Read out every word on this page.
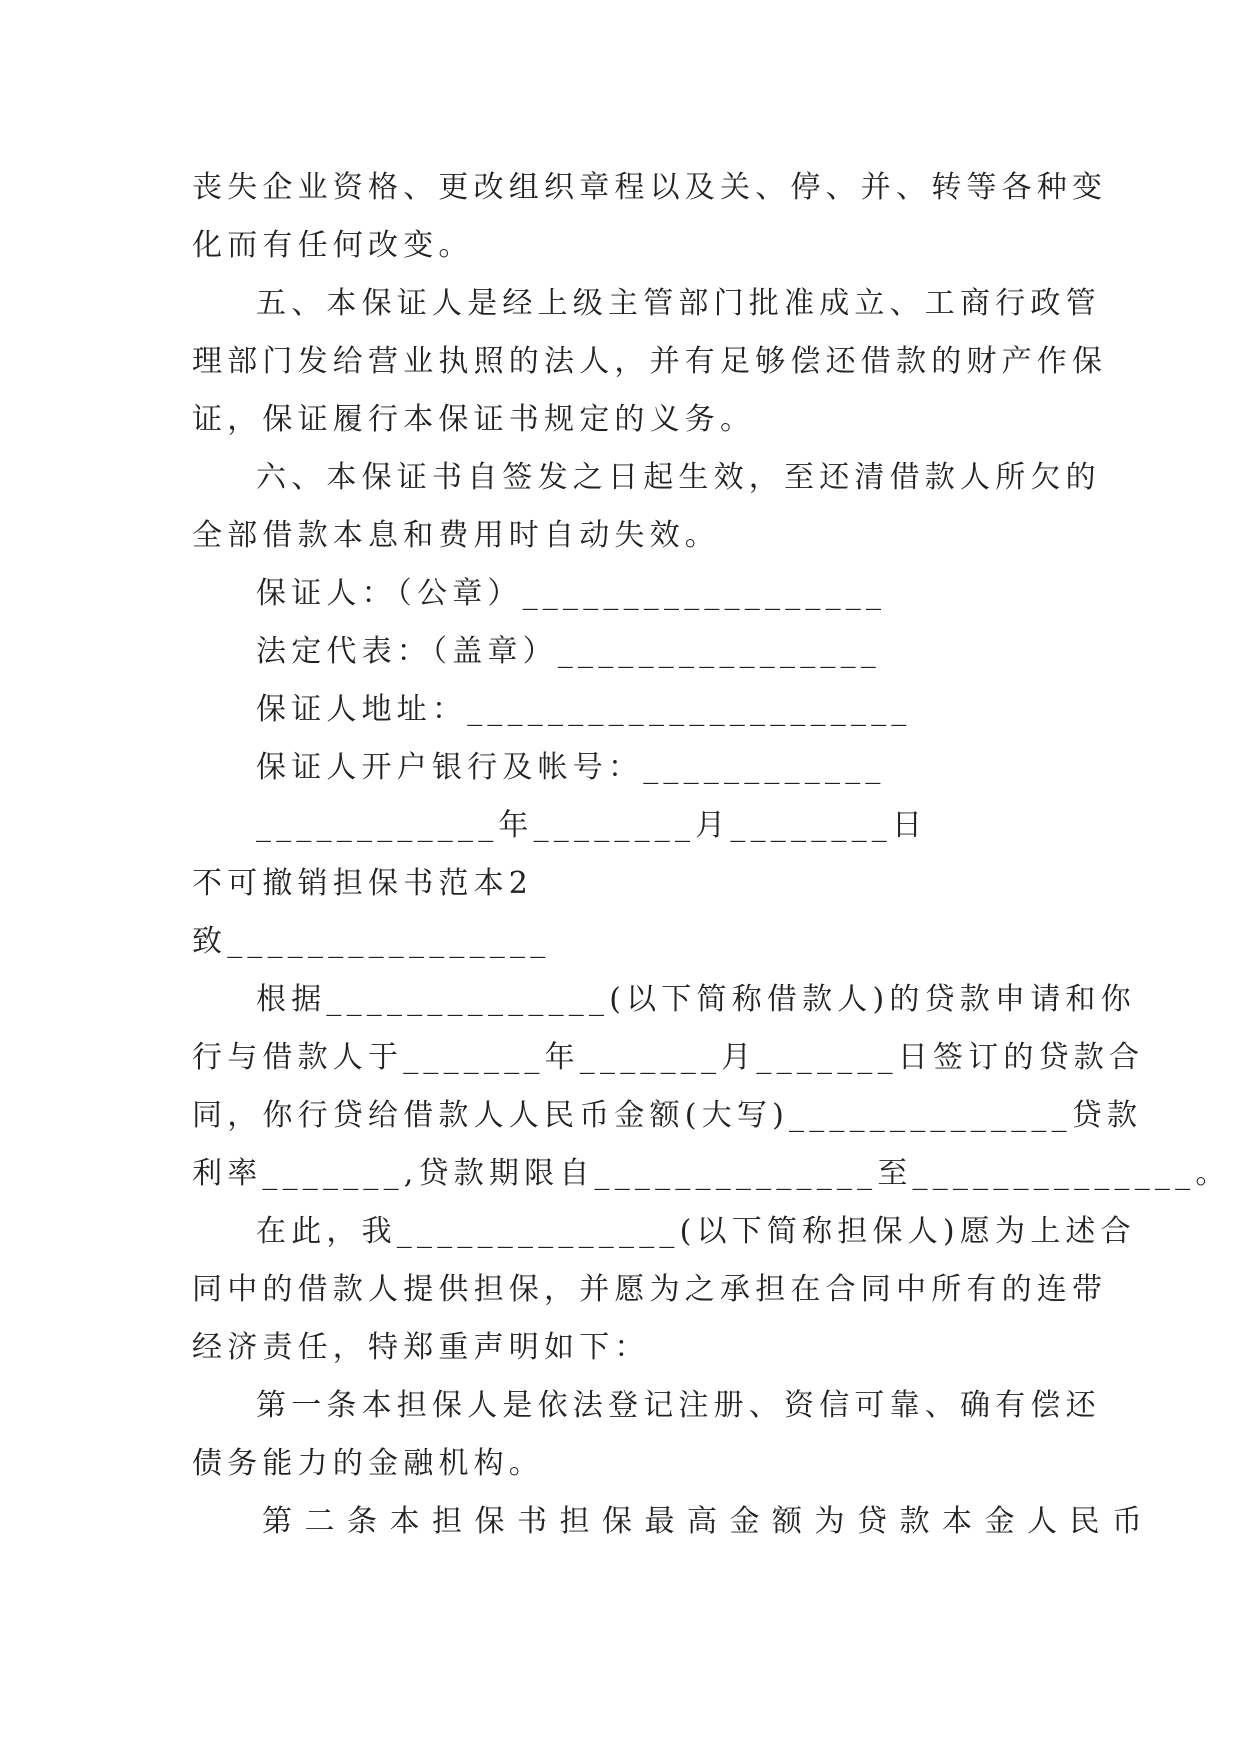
丧失企业资格、更改组织章程以及关、停、并、转等各种变
化而有任何改变。
五、本保证人是经上级主管部门批准成立、工商行政管
理部门发给营业执照的法人，并有足够偿还借款的财产作保
证，保证履行本保证书规定的义务。
六、本保证书自签发之日起生效，至还清借款人所欠的
全部借款本息和费用时自动失效。
保证人：（公章）__________________
法定代表：（盖章）________________
保证人地址：______________________
保证人开户银行及帐号：____________
____________年________月________日
不可撤销担保书范本2
致________________
根据______________(以下简称借款人)的贷款申请和你
行与借款人于_______年_______月_______日签订的贷款合
同，你行贷给借款人人民币金额(大写)______________贷款
利率_______,贷款期限自______________至______________。
在此，我______________(以下简称担保人)愿为上述合
同中的借款人提供担保，并愿为之承担在合同中所有的连带
经济责任，特郑重声明如下：
第一条本担保人是依法登记注册、资信可靠、确有偿还
债务能力的金融机构。
第二条本担保书担保最高金额为贷款本金人民币
